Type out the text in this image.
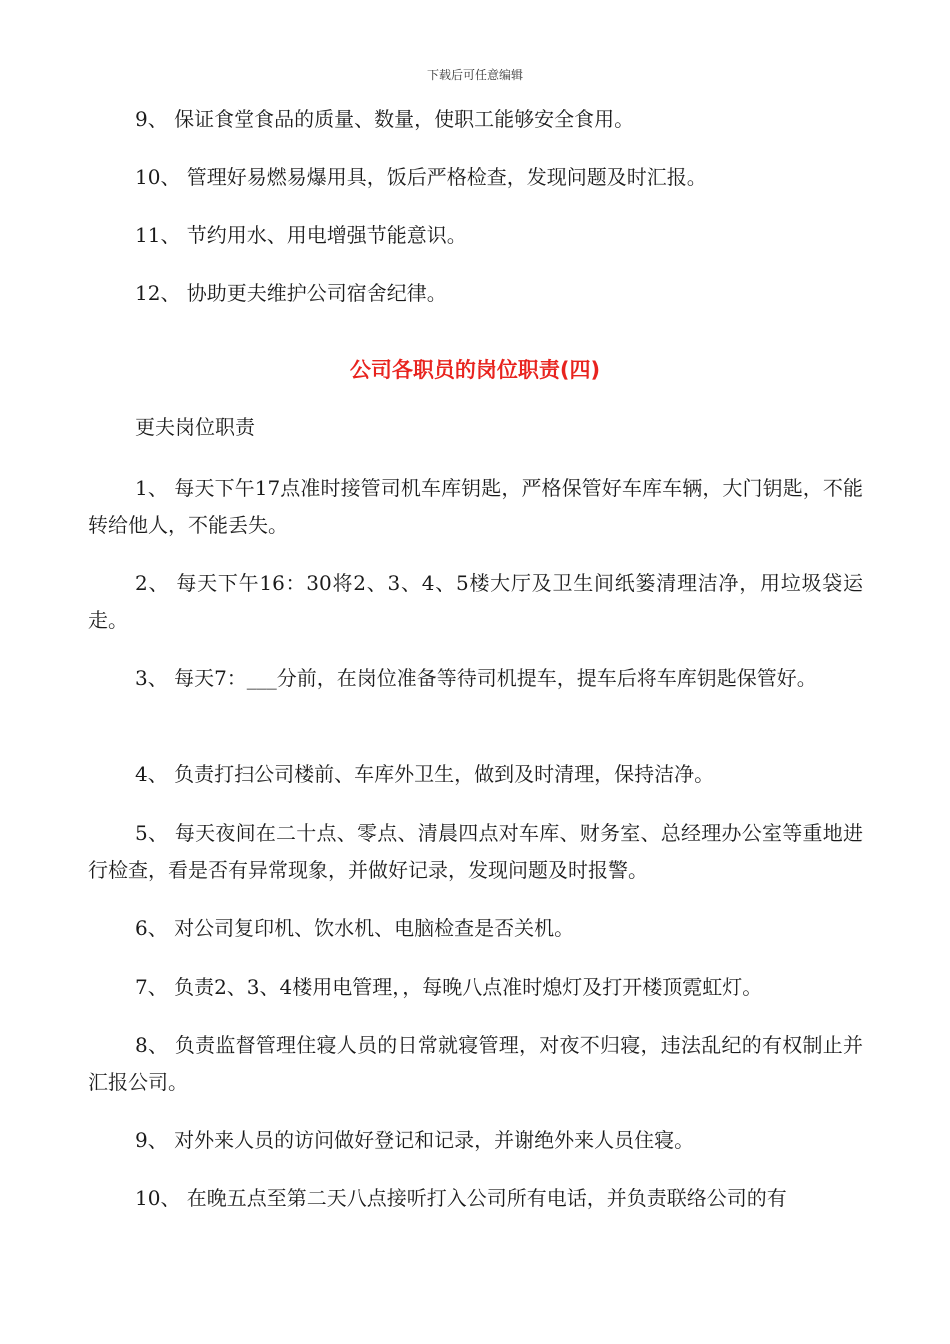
下载后可任意编辑

9、 保证食堂食品的质量、数量，使职工能够安全食用。

10、 管理好易燃易爆用具，饭后严格检查，发现问题及时汇报。

11、 节约用水、用电增强节能意识。

12、 协助更夫维护公司宿舍纪律。

公司各职员的岗位职责(四)

更夫岗位职责

1、 每天下午17点准时接管司机车库钥匙，严格保管好车库车辆，大门钥匙，不能转给他人，不能丢失。

2、 每天下午16：30将2、3、4、5楼大厅及卫生间纸篓清理洁净，用垃圾袋运走。

3、 每天7：___分前，在岗位准备等待司机提车，提车后将车库钥匙保管好。

4、 负责打扫公司楼前、车库外卫生，做到及时清理，保持洁净。

5、 每天夜间在二十点、零点、清晨四点对车库、财务室、总经理办公室等重地进行检查，看是否有异常现象，并做好记录，发现问题及时报警。

6、 对公司复印机、饮水机、电脑检查是否关机。

7、 负责2、3、4楼用电管理，，每晚八点准时熄灯及打开楼顶霓虹灯。

8、 负责监督管理住寝人员的日常就寝管理，对夜不归寝，违法乱纪的有权制止并汇报公司。

9、 对外来人员的访问做好登记和记录，并谢绝外来人员住寝。

10、 在晚五点至第二天八点接听打入公司所有电话，并负责联络公司的有
